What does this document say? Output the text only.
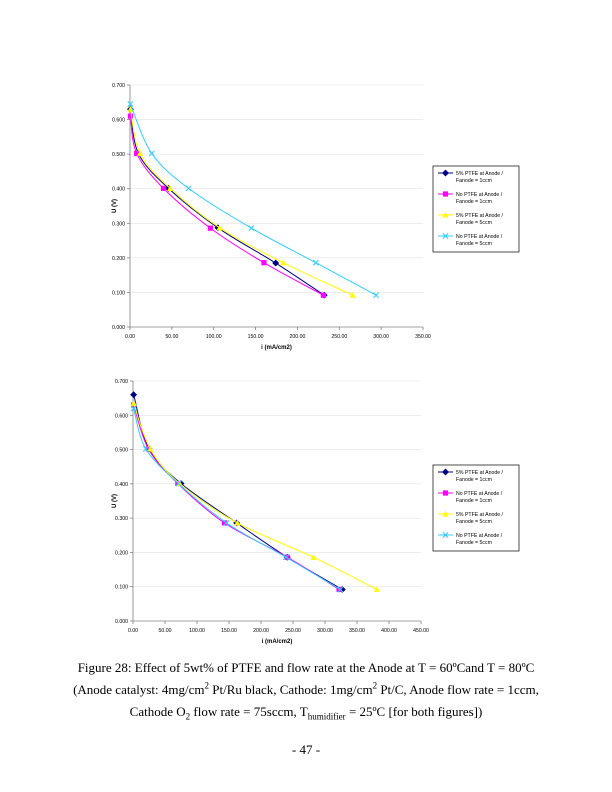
0.000
0.100
0.200
0.300
0.400
0.500
0.600
0.700
0.00	50.00	100.00	150.00	200.00	250.00	300.00	350.00
i (mA/cm2)
U (V)
5% PTFE at Anode /
Fanode = 1ccm
No PTFE at Anode /
Fanode = 1ccm
5% PTFE at Anode /
Fanode = 5ccm
No PTFE at Anode /
Fanode = 5ccm
0.000
0.100
0.200
0.300
0.400
0.500
0.600
0.700
0.00	50.00	100.00	150.00	200.00	250.00	300.00	350.00	400.00	450.00
i (mA/cm2)
U (V)
5% PTFE at Anode /
Fanode = 1ccm
No PTFE at Anode /
Fanode = 1ccm
5% PTFE at Anode /
Fanode = 5ccm
No PTFE at Anode /
Fanode = 5ccm
Figure 28: Effect of 5wt% of PTFE and flow rate at the Anode at T = 60ºCand T = 80ºC
(Anode catalyst: $4mg/cm^2$ Pt/Ru black, Cathode: $1mg/cm^2$ Pt/C, Anode flow rate = 1ccm,
Cathode $O_2$ flow rate = 75sccm, $T_{humidifier}$ = 25ºC [for both figures])
- 47 -
